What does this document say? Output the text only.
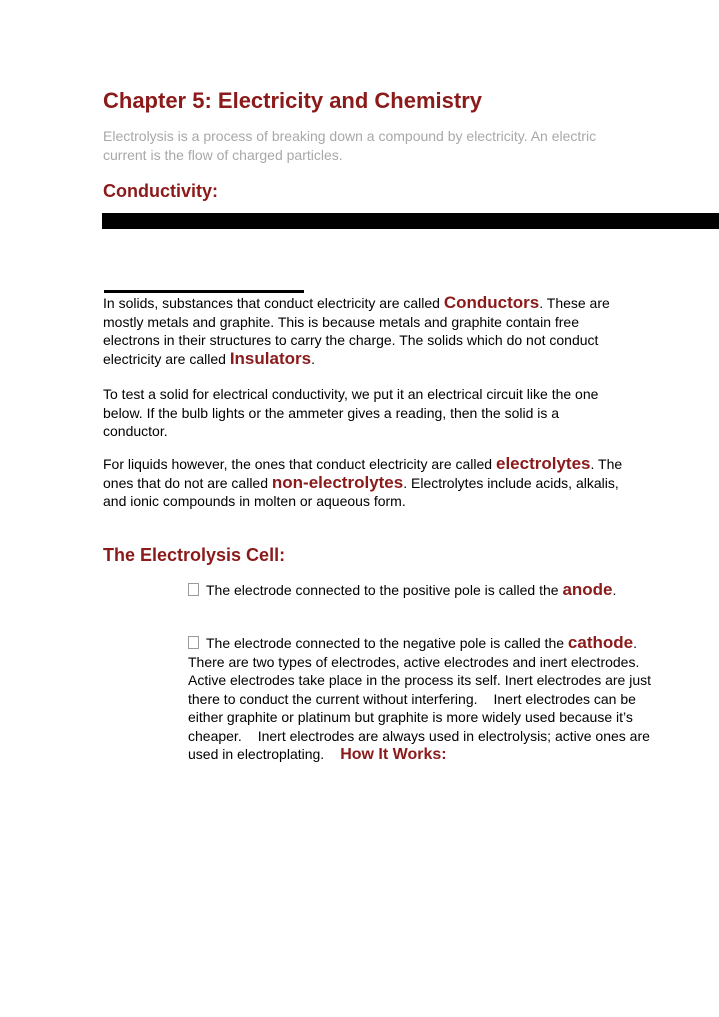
Chapter 5: Electricity and Chemistry

Electrolysis is a process of breaking down a compound by electricity. An electric current is the flow of charged particles.

Conductivity:

In solids, substances that conduct electricity are called Conductors. These are mostly metals and graphite. This is because metals and graphite contain free electrons in their structures to carry the charge. The solids which do not conduct electricity are called Insulators.

To test a solid for electrical conductivity, we put it an electrical circuit like the one below. If the bulb lights or the ammeter gives a reading, then the solid is a conductor.

For liquids however, the ones that conduct electricity are called electrolytes. The ones that do not are called non-electrolytes. Electrolytes include acids, alkalis, and ionic compounds in molten or aqueous form.

The Electrolysis Cell:

The electrode connected to the positive pole is called the anode.

The electrode connected to the negative pole is called the cathode.There are two types of electrodes, active electrodes and inert electrodes. Active electrodes take place in the process its self. Inert electrodes are just there to conduct the current without interfering. Inert electrodes can be either graphite or platinum but graphite is more widely used because it’s cheaper. Inert electrodes are always used in electrolysis; active ones are used in electroplating. How It Works:
